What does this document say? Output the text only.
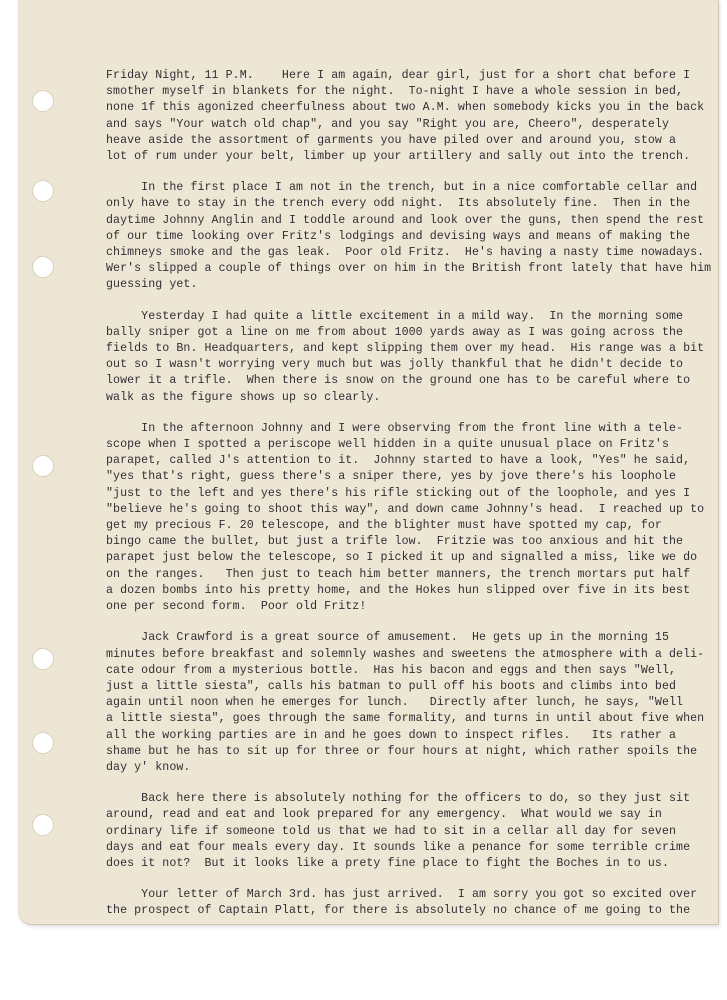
Friday Night, 11 P.M.    Here I am again, dear girl, just for a short chat before I
smother myself in blankets for the night.  To-night I have a whole session in bed,
none 1f this agonized cheerfulness about two A.M. when somebody kicks you in the back
and says "Your watch old chap", and you say "Right you are, Cheero", desperately
heave aside the assortment of garments you have piled over and around you, stow a
lot of rum under your belt, limber up your artillery and sally out into the trench.
In the first place I am not in the trench, but in a nice comfortable cellar and
only have to stay in the trench every odd night.  Its absolutely fine.  Then in the
daytime Johnny Anglin and I toddle around and look over the guns, then spend the rest
of our time looking over Fritz's lodgings and devising ways and means of making the
chimneys smoke and the gas leak.  Poor old Fritz.  He's having a nasty time nowadays.
Wer's slipped a couple of things over on him in the British front lately that have him
guessing yet.
Yesterday I had quite a little excitement in a mild way.  In the morning some
bally sniper got a line on me from about 1000 yards away as I was going across the
fields to Bn. Headquarters, and kept slipping them over my head.  His range was a bit
out so I wasn't worrying very much but was jolly thankful that he didn't decide to
lower it a trifle.  When there is snow on the ground one has to be careful where to
walk as the figure shows up so clearly.
In the afternoon Johnny and I were observing from the front line with a tele-
scope when I spotted a periscope well hidden in a quite unusual place on Fritz's
parapet, called J's attention to it.  Johnny started to have a look, "Yes" he said,
"yes that's right, guess there's a sniper there, yes by jove there's his loophole
"just to the left and yes there's his rifle sticking out of the loophole, and yes I
"believe he's going to shoot this way", and down came Johnny's head.  I reached up to
get my precious F. 20 telescope, and the blighter must have spotted my cap, for
bingo came the bullet, but just a trifle low.  Fritzie was too anxious and hit the
parapet just below the telescope, so I picked it up and signalled a miss, like we do
on the ranges.   Then just to teach him better manners, the trench mortars put half
a dozen bombs into his pretty home, and the Hokes hun slipped over five in its best
one per second form.  Poor old Fritz!
Jack Crawford is a great source of amusement.  He gets up in the morning 15
minutes before breakfast and solemnly washes and sweetens the atmosphere with a deli-
cate odour from a mysterious bottle.  Has his bacon and eggs and then says "Well,
just a little siesta", calls his batman to pull off his boots and climbs into bed
again until noon when he emerges for lunch.   Directly after lunch, he says, "Well
a little siesta", goes through the same formality, and turns in until about five when
all the working parties are in and he goes down to inspect rifles.   Its rather a
shame but he has to sit up for three or four hours at night, which rather spoils the
day y' know.
Back here there is absolutely nothing for the officers to do, so they just sit
around, read and eat and look prepared for any emergency.  What would we say in
ordinary life if someone told us that we had to sit in a cellar all day for seven
days and eat four meals every day. It sounds like a penance for some terrible crime
does it not?  But it looks like a prety fine place to fight the Boches in to us.
Your letter of March 3rd. has just arrived.  I am sorry you got so excited over
the prospect of Captain Platt, for there is absolutely no chance of me going to the
